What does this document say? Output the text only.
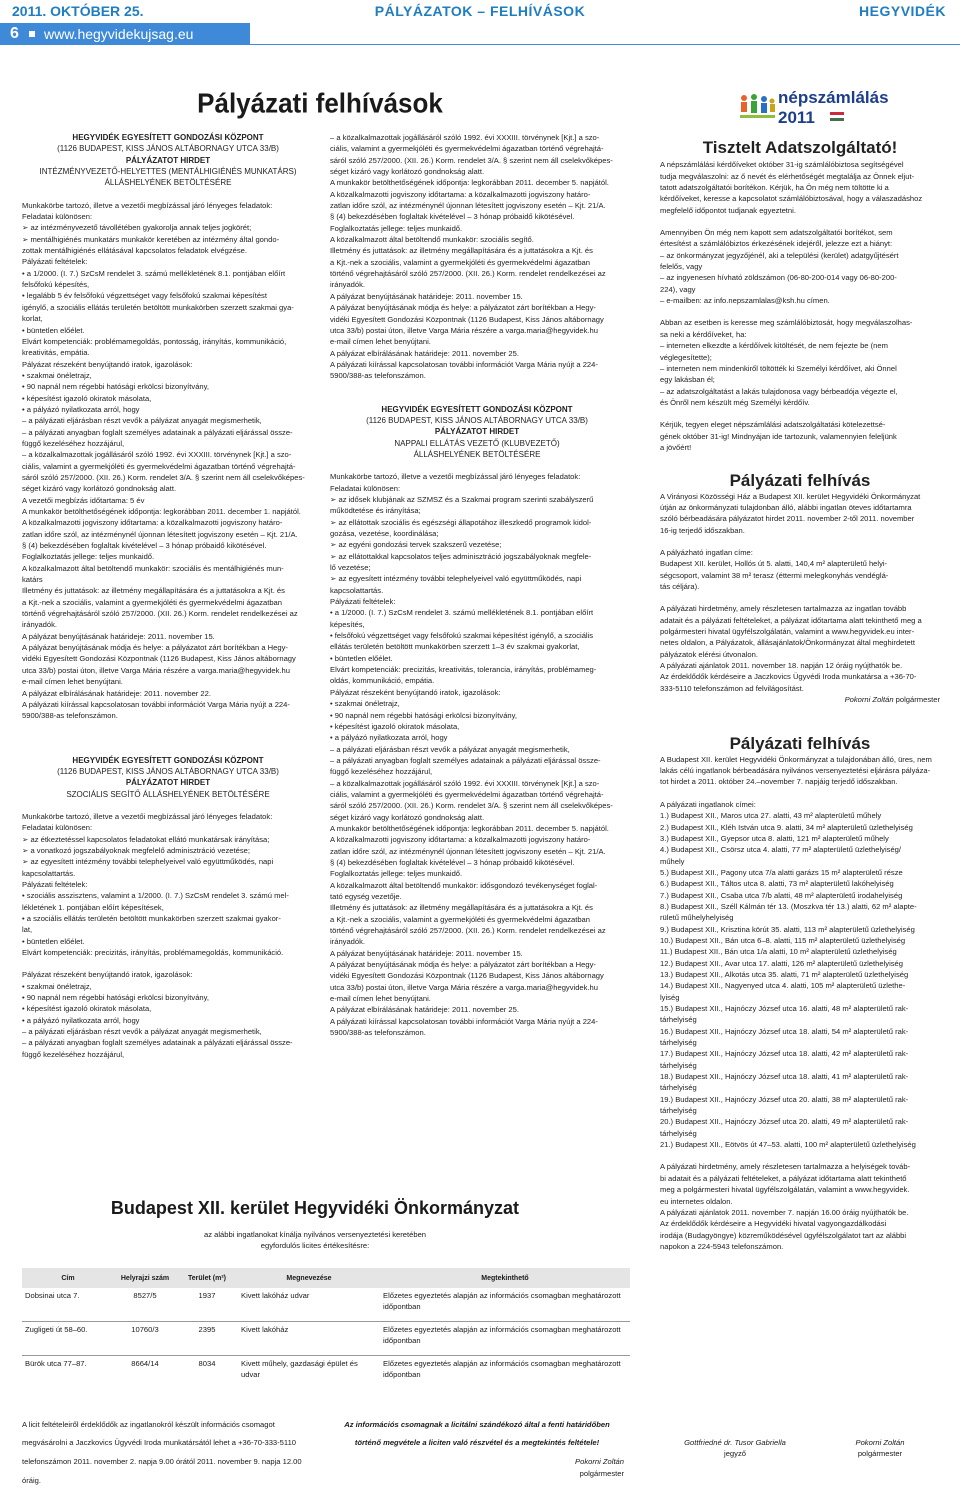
2011. OKTÓBER 25.	PÁLYÁZATOK – FELHÍVÁSOK	HEGYVIDÉK
6 www.hegyvidekujsag.eu
Pályázati felhívások

HEGYVIDÉK EGYESÍTETT GONDOZÁSI KÖZPONT

(1126 BUDAPEST, KISS JÁNOS ALTÁBORNAGY UTCA 33/B)

PÁLYÁZATOT HIRDET

INTÉZMÉNYVEZETŐ-HELYETTES (MENTÁLHIGIÉNÉS MUNKATÁRS)

ÁLLÁSHELYÉNEK BETÖLTÉSÉRE

Munkakörbe tartozó, illetve a vezetői megbízással járó lényeges feladatok:

Feladatai különösen:

➢ az intézményvezető távollétében gyakorolja annak teljes jogkörét;

➢ mentálhigiénés munkatárs munkakör keretében az intézmény által gondo-

zottak mentálhigiénés ellátásával kapcsolatos feladatok elvégzése.

Pályázati feltételek:

• a 1/2000. (I. 7.) SzCsM rendelet 3. számú mellékletének 8.1. pontjában előírt

felsőfokú képesítés,

• legalább 5 év felsőfokú végzettséget vagy felsőfokú szakmai képesítést

igénylő, a szociális ellátás területén betöltött munkakörben szerzett szakmai gya-

korlat,

• büntetlen előélet.

Elvárt kompetenciák: problémamegoldás, pontosság, irányítás, kommunikáció,

kreativitás, empátia.

Pályázat részeként benyújtandó iratok, igazolások:

• szakmai önéletrajz,

• 90 napnál nem régebbi hatósági erkölcsi bizonyítvány,

• képesítést igazoló okiratok másolata,

• a pályázó nyilatkozata arról, hogy

– a pályázati eljárásban részt vevők a pályázat anyagát megismerhetik,

– a pályázati anyagban foglalt személyes adatainak a pályázati eljárással össze-

függő kezeléséhez hozzájárul,

– a közalkalmazottak jogállásáról szóló 1992. évi XXXIII. törvénynek [Kjt.] a szo-

ciális, valamint a gyermekjóléti és gyermekvédelmi ágazatban történő végrehajtá-

sáról szóló 257/2000. (XII. 26.) Korm. rendelet 3/A. § szerint nem áll cselekvőképes-

séget kizáró vagy korlátozó gondnokság alatt.

A vezetői megbízás időtartama: 5 év

A munkakör betölthetőségének időpontja: legkorábban 2011. december 1. napjától.

A közalkalmazotti jogviszony időtartama: a közalkalmazotti jogviszony határo-

zatlan időre szól, az intézménynél újonnan létesített jogviszony esetén – Kjt. 21/A.

§ (4) bekezdésében foglaltak kivételével – 3 hónap próbaidő kikötésével.

Foglalkoztatás jellege: teljes munkaidő.

A közalkalmazott által betöltendő munkakör: szociális és mentálhigiénés mun-

katárs

Illetmény és juttatások: az illetmény megállapítására és a juttatásokra a Kjt. és

a Kjt.-nek a szociális, valamint a gyermekjóléti és gyermekvédelmi ágazatban

történő végrehajtásáról szóló 257/2000. (XII. 26.) Korm. rendelet rendelkezései az

irányadók.

A pályázat benyújtásának határideje: 2011. november 15.

A pályázat benyújtásának módja és helye: a pályázatot zárt borítékban a Hegy-

vidéki Egyesített Gondozási Központnak (1126 Budapest, Kiss János altábornagy

utca 33/b) postai úton, illetve Varga Mária részére a varga.maria@hegyvidek.hu

e-mail címen lehet benyújtani.

A pályázat elbírálásának határideje: 2011. november 22.

A pályázati kiírással kapcsolatosan további információt Varga Mária nyújt a 224-

5900/388-as telefonszámon.

HEGYVIDÉK EGYESÍTETT GONDOZÁSI KÖZPONT

(1126 BUDAPEST, KISS JÁNOS ALTÁBORNAGY UTCA 33/B)

PÁLYÁZATOT HIRDET

SZOCIÁLIS SEGÍTŐ ÁLLÁSHELYÉNEK BETÖLTÉSÉRE

Munkakörbe tartozó, illetve a vezetői megbízással járó lényeges feladatok:

Feladatai különösen:

➢ az étkeztetéssel kapcsolatos feladatokat ellátó munkatársak irányítása;

➢ a vonatkozó jogszabályoknak megfelelő adminisztráció vezetése;

➢ az egyesített intézmény további telephelyeivel való együttműködés, napi

kapcsolattartás.

Pályázati feltételek:

• szociális asszisztens, valamint a 1/2000. (I. 7.) SzCsM rendelet 3. számú mel-

lékletének 1. pontjában előírt képesítések,

• a szociális ellátás területén betöltött munkakörben szerzett szakmai gyakor-

lat,

• büntetlen előélet.

Elvárt kompetenciák: precizitás, irányítás, problémamegoldás, kommunikáció.

Pályázat részeként benyújtandó iratok, igazolások:

• szakmai önéletrajz,

• 90 napnál nem régebbi hatósági erkölcsi bizonyítvány,

• képesítést igazoló okiratok másolata,

• a pályázó nyilatkozata arról, hogy

– a pályázati eljárásban részt vevők a pályázat anyagát megismerhetik,

– a pályázati anyagban foglalt személyes adatainak a pályázati eljárással össze-

függő kezeléséhez hozzájárul,

– a közalkalmazottak jogállásáról szóló 1992. évi XXXIII. törvénynek [Kjt.] a szo-

ciális, valamint a gyermekjóléti és gyermekvédelmi ágazatban történő végrehajtá-

sáról szóló 257/2000. (XII. 26.) Korm. rendelet 3/A. § szerint nem áll cselekvőképes-

séget kizáró vagy korlátozó gondnokság alatt.

A munkakör betölthetőségének időpontja: legkorábban 2011. december 5. napjától.

A közalkalmazotti jogviszony időtartama: a közalkalmazotti jogviszony határo-

zatlan időre szól, az intézménynél újonnan létesített jogviszony esetén – Kjt. 21/A.

§ (4) bekezdésében foglaltak kivételével – 3 hónap próbaidő kikötésével.

Foglalkoztatás jellege: teljes munkaidő.

A közalkalmazott által betöltendő munkakör: szociális segítő.

Illetmény és juttatások: az illetmény megállapítására és a juttatásokra a Kjt. és

a Kjt.-nek a szociális, valamint a gyermekjóléti és gyermekvédelmi ágazatban

történő végrehajtásáról szóló 257/2000. (XII. 26.) Korm. rendelet rendelkezései az

irányadók.

A pályázat benyújtásának határideje: 2011. november 15.

A pályázat benyújtásának módja és helye: a pályázatot zárt borítékban a Hegy-

vidéki Egyesített Gondozási Központnak (1126 Budapest, Kiss János altábornagy

utca 33/b) postai úton, illetve Varga Mária részére a varga.maria@hegyvidek.hu

e-mail címen lehet benyújtani.

A pályázat elbírálásának határideje: 2011. november 25.

A pályázati kiírással kapcsolatosan további információt Varga Mária nyújt a 224-

5900/388-as telefonszámon.

HEGYVIDÉK EGYESÍTETT GONDOZÁSI KÖZPONT

(1126 BUDAPEST, KISS JÁNOS ALTÁBORNAGY UTCA 33/B)

PÁLYÁZATOT HIRDET

NAPPALI ELLÁTÁS VEZETŐ (KLUBVEZETŐ)

ÁLLÁSHELYÉNEK BETÖLTÉSÉRE

Munkakörbe tartozó, illetve a vezetői megbízással járó lényeges feladatok:

Feladatai különösen:

➢ az idősek klubjának az SZMSZ és a Szakmai program szerinti szabályszerű

működtetése és irányítása;

➢ az ellátottak szociális és egészségi állapotához illeszkedő programok kidol-

gozása, vezetése, koordinálása;

➢ az egyéni gondozási tervek szakszerű vezetése;

➢ az ellátottakkal kapcsolatos teljes adminisztráció jogszabályoknak megfele-

lő vezetése;

➢ az egyesített intézmény további telephelyeivel való együttműködés, napi

kapcsolattartás.

Pályázati feltételek:

• a 1/2000. (I. 7.) SzCsM rendelet 3. számú mellékletének 8.1. pontjában előírt

képesítés,

• felsőfokú végzettséget vagy felsőfokú szakmai képesítést igénylő, a szociális

ellátás területén betöltött munkakörben szerzett 1–3 év szakmai gyakorlat,

• büntetlen előélet.

Elvárt kompetenciák: precizitás, kreativitás, tolerancia, irányítás, problémameg-

oldás, kommunikáció, empátia.

Pályázat részeként benyújtandó iratok, igazolások:

• szakmai önéletrajz,

• 90 napnál nem régebbi hatósági erkölcsi bizonyítvány,

• képesítést igazoló okiratok másolata,

• a pályázó nyilatkozata arról, hogy

– a pályázati eljárásban részt vevők a pályázat anyagát megismerhetik,

– a pályázati anyagban foglalt személyes adatainak a pályázati eljárással össze-

függő kezeléséhez hozzájárul,

– a közalkalmazottak jogállásáról szóló 1992. évi XXXIII. törvénynek [Kjt.] a szo-

ciális, valamint a gyermekjóléti és gyermekvédelmi ágazatban történő végrehajtá-

sáról szóló 257/2000. (XII. 26.) Korm. rendelet 3/A. § szerint nem áll cselekvőképes-

séget kizáró vagy korlátozó gondnokság alatt.

A munkakör betölthetőségének időpontja: legkorábban 2011. december 5. napjától.

A közalkalmazotti jogviszony időtartama: a közalkalmazotti jogviszony határo-

zatlan időre szól, az intézménynél újonnan létesített jogviszony esetén – Kjt. 21/A.

§ (4) bekezdésében foglaltak kivételével – 3 hónap próbaidő kikötésével.

Foglalkoztatás jellege: teljes munkaidő.

A közalkalmazott által betöltendő munkakör: idősgondozó tevékenységet foglal-

tató egység vezetője.

Illetmény és juttatások: az illetmény megállapítására és a juttatásokra a Kjt. és

a Kjt.-nek a szociális, valamint a gyermekjóléti és gyermekvédelmi ágazatban

történő végrehajtásáról szóló 257/2000. (XII. 26.) Korm. rendelet rendelkezései az

irányadók.

A pályázat benyújtásának határideje: 2011. november 15.

A pályázat benyújtásának módja és helye: a pályázatot zárt borítékban a Hegy-

vidéki Egyesített Gondozási Központnak (1126 Budapest, Kiss János altábornagy

utca 33/b) postai úton, illetve Varga Mária részére a varga.maria@hegyvidek.hu

e-mail címen lehet benyújtani.

A pályázat elbírálásának határideje: 2011. november 25.

A pályázati kiírással kapcsolatosan további információt Varga Mária nyújt a 224-

5900/388-as telefonszámon.

népszámlálás
2011

Tisztelt Adatszolgáltató!

A népszámlálási kérdőíveket október 31-ig számlálóbiztosa segítségével

tudja megválaszolni: az ő nevét és elérhetőségét megtalálja az Önnek eljut-

tatott adatszolgáltatói borítékon. Kérjük, ha Ön még nem töltötte ki a

kérdőíveket, keresse a kapcsolatot számlálóbiztosával, hogy a válaszadáshoz

megfelelő időpontot tudjanak egyeztetni.

Amennyiben Ön még nem kapott sem adatszolgáltatói borítékot, sem

értesítést a számlálóbiztos érkezésének idejéről, jelezze ezt a hiányt:

– az önkormányzat jegyzőjénél, aki a települési (kerület) adatgyűjtésért

felelős, vagy

– az ingyenesen hívható zöldszámon (06-80-200-014 vagy 06-80-200-

224), vagy

– e-mailben: az info.nepszamlalas@ksh.hu címen.

Abban az esetben is keresse meg számlálóbiztosát, hogy megválaszolhas-

sa neki a kérdőíveket, ha:

– interneten elkezdte a kérdőívek kitöltését, de nem fejezte be (nem

véglegesítette);

– interneten nem mindenkiről töltötték ki Személyi kérdőívet, aki Önnel

egy lakásban él;

– az adatszolgáltatást a lakás tulajdonosa vagy bérbeadója végezte el,

és Önről nem készült még Személyi kérdőív.

Kérjük, tegyen eleget népszámlálási adatszolgáltatási kötelezettsé-

gének október 31-ig! Mindnyájan ide tartozunk, valamennyien feleljünk

a jövőért!

Pályázati felhívás

A Virányosi Közösségi Ház a Budapest XII. kerület Hegyvidéki Önkormányzat

útján az önkormányzati tulajdonban álló, alábbi ingatlan öteves időtartamra

szóló bérbeadására pályázatot hirdet 2011. november 2-től 2011. november

16-ig terjedő időszakban.

A pályázható ingatlan címe:

Budapest XII. kerület, Hollós út 5. alatti, 140,4 m² alapterületű helyi-

ségcsoport, valamint 38 m² terasz (éttermi melegkonyhás vendéglá-

tás céljára).

A pályázati hirdetmény, amely részletesen tartalmazza az ingatlan tovább

adatait és a pályázati feltételeket, a pályázat időtartama alatt tekinthető meg a

polgármesteri hivatal ügyfélszolgálatán, valamint a www.hegyvidek.eu inter-

netes oldalon, a Pályázatok, állásajánlatok/Önkormányzat által meghirdetett

pályázatok elérési útvonalon.

A pályázati ajánlatok 2011. november 18. napján 12 óráig nyújthatók be.

Az érdeklődők kérdéseire a Jaczkovics Ügyvédi Iroda munkatársa a +36-70-

333-5110 telefonszámon ad felvilágosítást.

Pokorni Zoltán polgármester

Pályázati felhívás

A Budapest XII. kerület Hegyvidéki Önkormányzat a tulajdonában álló, üres, nem

lakás célú ingatlanok bérbeadására nyilvános versenyeztetési eljárásra pályáza-

tot hirdet a 2011. október 24.–november 7. napjáig terjedő időszakban.

A pályázati ingatlanok címei:

1.) Budapest XII., Maros utca 27. alatti, 43 m² alapterületű műhely

2.) Budapest XII., Kléh István utca 9. alatti, 34 m² alapterületű üzlethelyiség

3.) Budapest XII., Gyepsor utca 8. alatti, 121 m² alapterületű műhely

4.) Budapest XII., Csörsz utca 4. alatti, 77 m² alapterületű üzlethelyiség/

műhely

5.) Budapest XII., Pagony utca 7/a alatti garázs 15 m² alapterületű része

6.) Budapest XII., Táltos utca 8. alatti, 73 m² alapterületű lakóhelyiség

7.) Budapest XII., Csaba utca 7/b alatti, 48 m² alapterületű irodahelyiség

8.) Budapest XII., Széll Kálmán tér 13. (Moszkva tér 13.) alatti, 62 m² alapte-

rületű műhelyhelyiség

9.) Budapest XII., Krisztina körút 35. alatti, 113 m² alapterületű üzlethelyiség

10.) Budapest XII., Bán utca 6–8. alatti, 115 m² alapterületű üzlethelyiség

11.) Budapest XII., Bán utca 1/a alatti, 10 m² alapterületű üzlethelyiség

12.) Budapest XII., Avar utca 17. alatti, 126 m² alapterületű üzlethelyiség

13.) Budapest XII., Alkotás utca 35. alatti, 71 m² alapterületű üzlethelyiség

14.) Budapest XII., Nagyenyed utca 4. alatti, 105 m² alapterületű üzlethe-

lyiség

15.) Budapest XII., Hajnóczy József utca 16. alatti, 48 m² alapterületű rak-

tárhelyiség

16.) Budapest XII., Hajnóczy József utca 18. alatti, 54 m² alapterületű rak-

tárhelyiség

17.) Budapest XII., Hajnóczy József utca 18. alatti, 42 m² alapterületű rak-

tárhelyiség

18.) Budapest XII., Hajnóczy József utca 18. alatti, 41 m² alapterületű rak-

tárhelyiség

19.) Budapest XII., Hajnóczy József utca 20. alatti, 38 m² alapterületű rak-

tárhelyiség

20.) Budapest XII., Hajnóczy József utca 20. alatti, 49 m² alapterületű rak-

tárhelyiség

21.) Budapest XII., Eötvös út 47–53. alatti, 100 m² alapterületű üzlethelyiség

A pályázati hirdetmény, amely részletesen tartalmazza a helyiségek továb-

bi adatait és a pályázati feltételeket, a pályázat időtartama alatt tekinthető

meg a polgármesteri hivatal ügyfélszolgálatán, valamint a www.hegyvidek.

eu internetes oldalon.

A pályázati ajánlatok 2011. november 7. napján 16.00 óráig nyújthatók be.

Az érdeklődők kérdéseire a Hegyvidéki hivatal vagyongazdálkodási

irodája (Budagyöngye) közreműködésével ügyfélszolgálatot tart az alábbi

napokon a 224-5943 telefonszámon.

Gottfriedné dr. Tusor Gabriella
jegyző
Pokorni Zoltán
polgármester
Budapest XII. kerület Hegyvidéki Önkormányzat
az alábbi ingatlanokat kínálja nyilvános versenyeztetési keretében egyfordulós licites értékesítésre:
Cím	Helyrajzi szám	Terület (m²)	Megnevezése	Megtekinthető
Dobsinai utca 7.	8527/5	1937	Kivett lakóház udvar	Előzetes egyeztetés alapján az információs csomagban meghatározott időpontban
Zugligeti út 58–60.	10760/3	2395	Kivett lakóház	Előzetes egyeztetés alapján az információs csomagban meghatározott időpontban
Bürök utca 77–87.	8664/14	8034	Kivett műhely, gazdasági épület és udvar	Előzetes egyeztetés alapján az információs csomagban meghatározott időpontban

A licit feltételeiről érdeklődők az ingatlanokról készült információs csomagot

megvásárolni a Jaczkovics Ügyvédi Iroda munkatársától lehet a +36-70-333-5110

telefonszámon 2011. november 2. napja 9.00 órától 2011. november 9. napja 12.00

óráig.

Az információs csomagnak a licitálni szándékozó által a fenti határidőben

történő megvétele a liciten való részvétel és a megtekintés feltétele!

Pokorni Zoltán
polgármester
